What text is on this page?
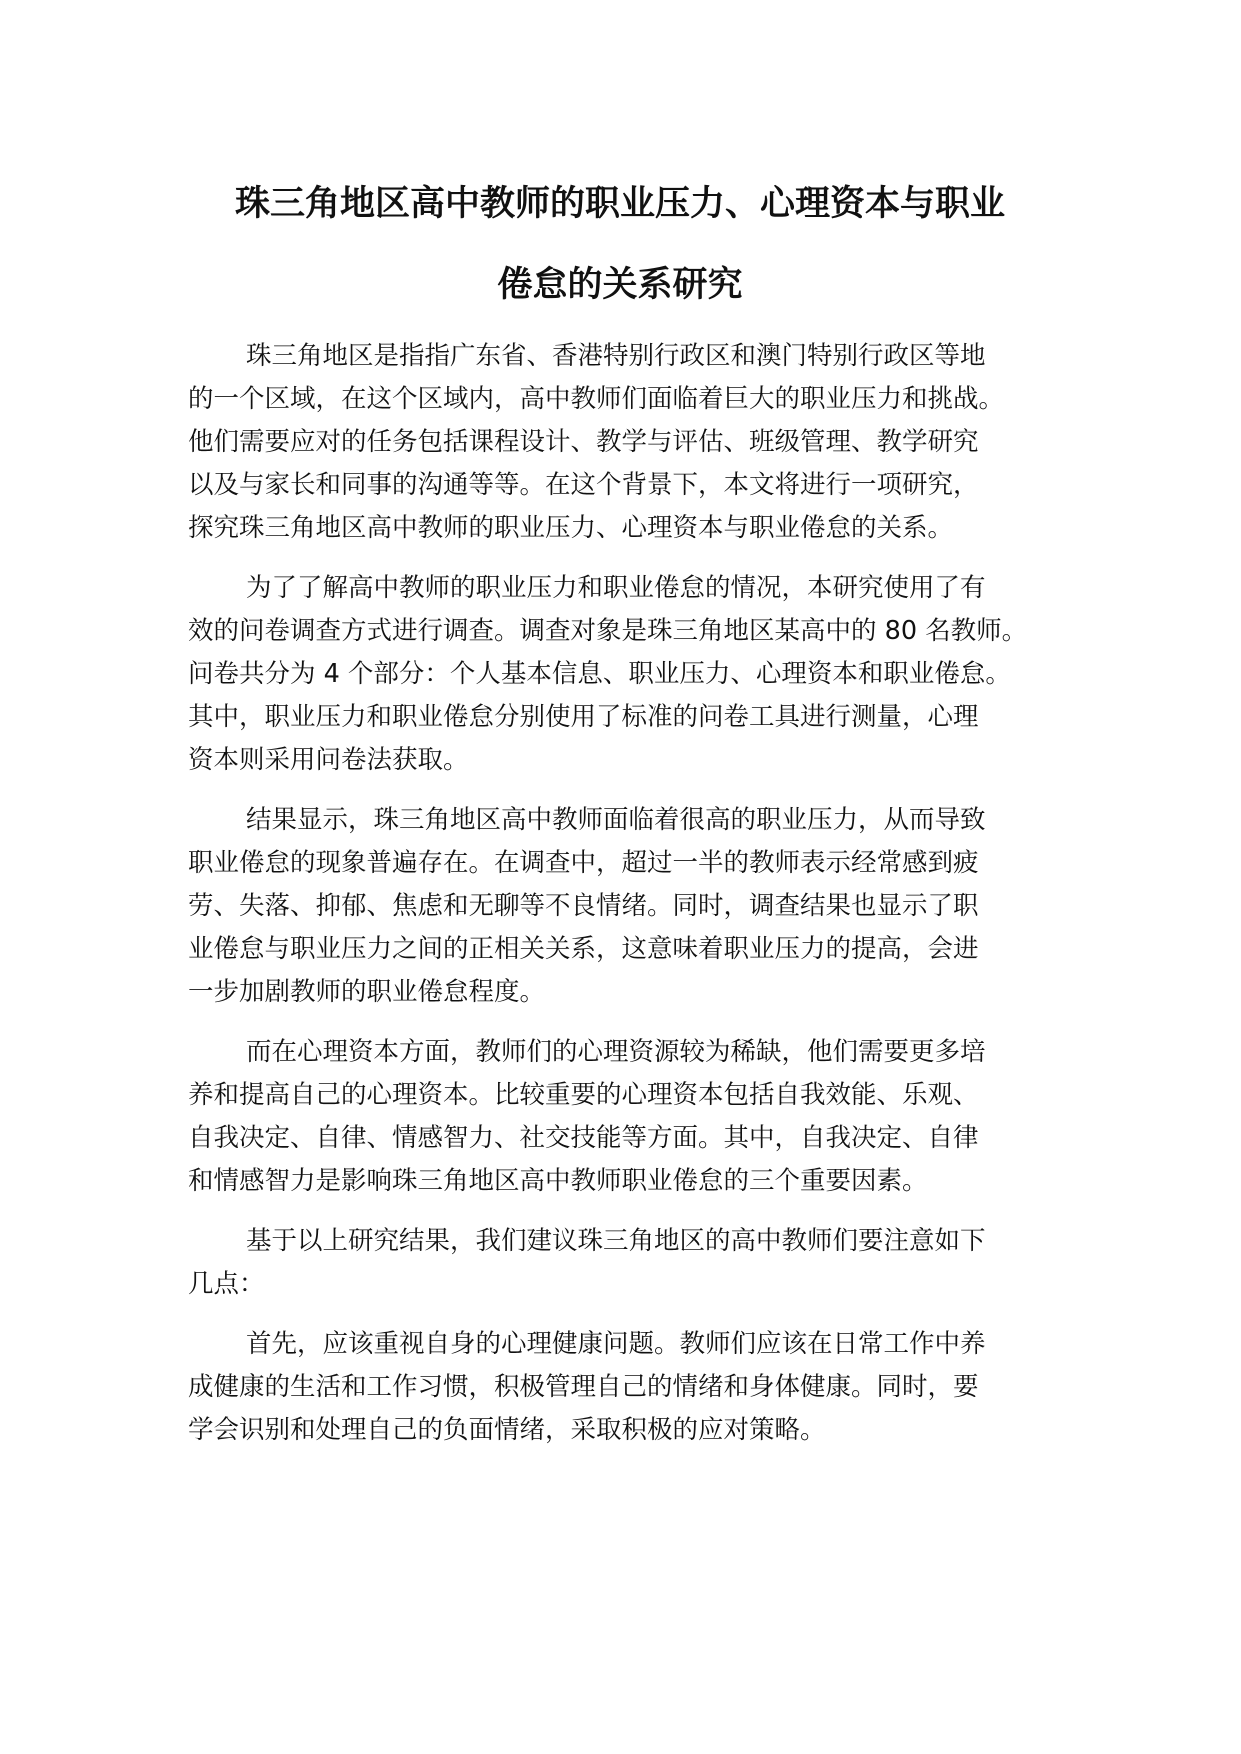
珠三角地区高中教师的职业压力、心理资本与职业
倦怠的关系研究

珠三角地区是指指广东省、香港特别行政区和澳门特别行政区等地

的一个区域，在这个区域内，高中教师们面临着巨大的职业压力和挑战。

他们需要应对的任务包括课程设计、教学与评估、班级管理、教学研究

以及与家长和同事的沟通等等。在这个背景下，本文将进行一项研究，

探究珠三角地区高中教师的职业压力、心理资本与职业倦怠的关系。

为了了解高中教师的职业压力和职业倦怠的情况，本研究使用了有

效的问卷调查方式进行调查。调查对象是珠三角地区某高中的 80 名教师。

问卷共分为 4 个部分：个人基本信息、职业压力、心理资本和职业倦怠。

其中，职业压力和职业倦怠分别使用了标准的问卷工具进行测量，心理

资本则采用问卷法获取。

结果显示，珠三角地区高中教师面临着很高的职业压力，从而导致

职业倦怠的现象普遍存在。在调查中，超过一半的教师表示经常感到疲

劳、失落、抑郁、焦虑和无聊等不良情绪。同时，调查结果也显示了职

业倦怠与职业压力之间的正相关关系，这意味着职业压力的提高，会进

一步加剧教师的职业倦怠程度。

而在心理资本方面，教师们的心理资源较为稀缺，他们需要更多培

养和提高自己的心理资本。比较重要的心理资本包括自我效能、乐观、

自我决定、自律、情感智力、社交技能等方面。其中，自我决定、自律

和情感智力是影响珠三角地区高中教师职业倦怠的三个重要因素。

基于以上研究结果，我们建议珠三角地区的高中教师们要注意如下

几点：

首先，应该重视自身的心理健康问题。教师们应该在日常工作中养

成健康的生活和工作习惯，积极管理自己的情绪和身体健康。同时，要

学会识别和处理自己的负面情绪，采取积极的应对策略。
